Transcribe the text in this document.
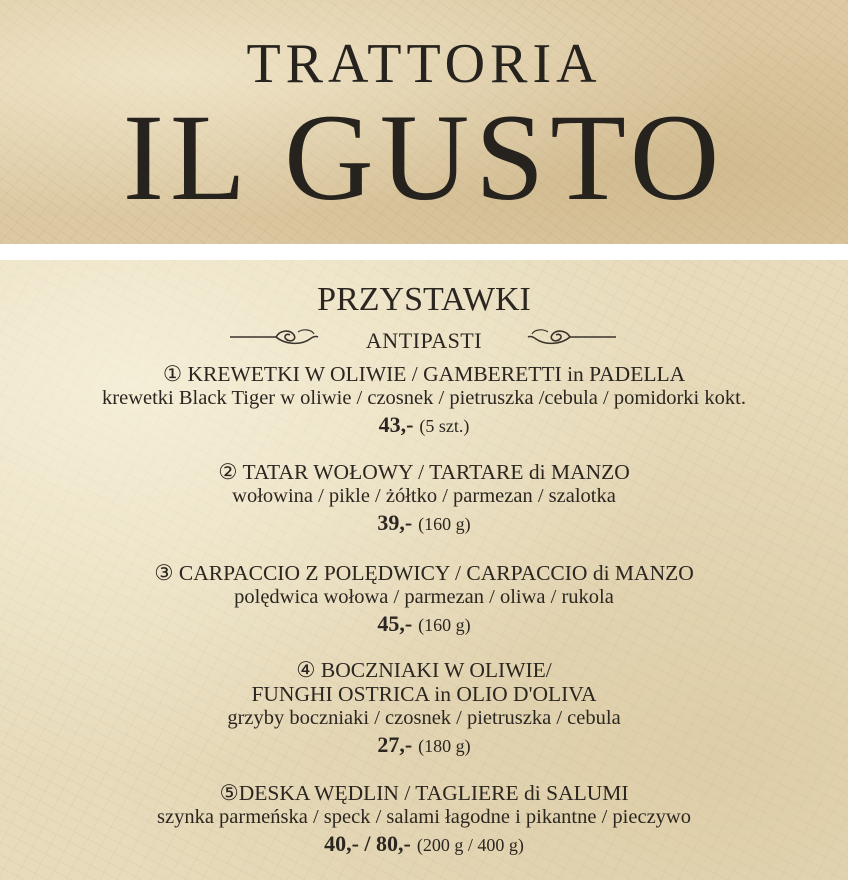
TRATTORIA
IL GUSTO
PRZYSTAWKI
ANTIPASTI
① KREWETKI W OLIWIE / GAMBERETTI in PADELLA
krewetki Black Tiger w oliwie / czosnek / pietruszka /cebula / pomidorki kokt.
43,- (5 szt.)
② TATAR WOŁOWY / TARTARE di MANZO
wołowina / pikle / żółtko / parmezan / szalotka
39,- (160 g)
③ CARPACCIO Z POLĘDWICY / CARPACCIO di MANZO
polędwica wołowa / parmezan / oliwa / rukola
45,- (160 g)
④ BOCZNIAKI W OLIWIE/
FUNGHI OSTRICA in OLIO D'OLIVA
grzyby boczniaki / czosnek / pietruszka / cebula
27,- (180 g)
⑤DESKA WĘDLIN / TAGLIERE di SALUMI
szynka parmeńska / speck / salami łagodne i pikantne / pieczywo
40,- / 80,- (200 g / 400 g)
